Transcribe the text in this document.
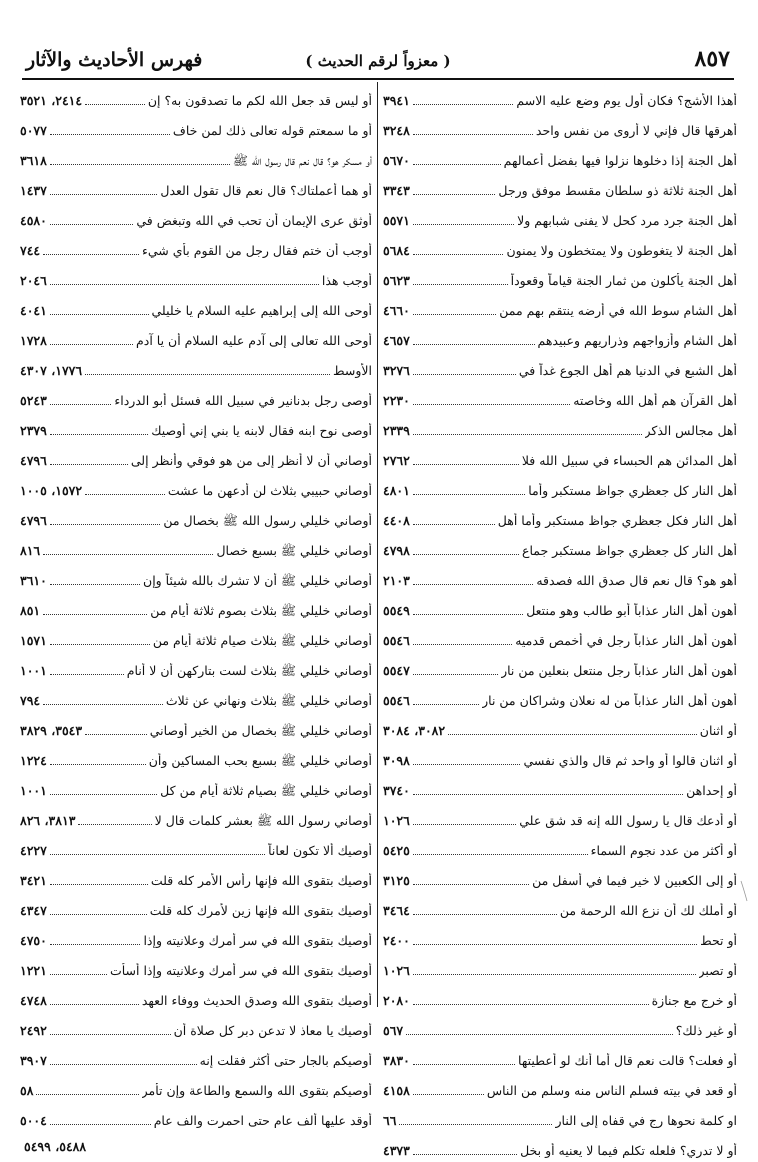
٨٥٧
( معزواً لرقم الحديث )
فهرس الأحاديث والآثار
أهذا الأشج؟ فكان أول يوم وضع عليه الاسم
٣٩٤١
أهرقها قال فإني لا أروى من نفس واحد
٣٢٤٨
أهل الجنة إذا دخلوها نزلوا فيها بفضل أعمالهم
٥٦٧٠
أهل الجنة ثلاثة ذو سلطان مقسط موفق ورجل
٣٣٤٣
أهل الجنة جرد مرد كحل لا يفنى شبابهم ولا
٥٥٧١
أهل الجنة لا يتغوطون ولا يمتخطون ولا يمنون
٥٦٨٤
أهل الجنة يأكلون من ثمار الجنة قياماً وقعوداً
٥٦٢٣
أهل الشام سوط الله في أرضه ينتقم بهم ممن
٤٦٦٠
أهل الشام وأزواجهم وذراريهم وعبيدهم
٤٦٥٧
أهل الشبع في الدنيا هم أهل الجوع غداً في
٣٢٧٦
أهل القرآن هم أهل الله وخاصته
٢٢٣٠
أهل مجالس الذكر
٢٣٣٩
أهل المدائن هم الحبساء في سبيل الله فلا
٢٧٦٢
أهل النار كل جعظري جواظ مستكبر وأما
٤٨٠١
أهل النار فكل جعظري جواظ مستكبر وأما أهل
٤٤٠٨
أهل النار كل جعظري جواظ مستكبر جماع
٤٧٩٨
أهو هو؟ قال نعم قال صدق الله فصدقه
٢١٠٣
أهون أهل النار عذاباً أبو طالب وهو منتعل
٥٥٤٩
أهون أهل النار عذاباً رجل في أخمص قدميه
٥٥٤٦
أهون أهل النار عذاباً رجل منتعل بنعلين من نار
٥٥٤٧
أهون أهل النار عذاباً من له نعلان وشراكان من نار
٥٥٤٦
أو اثنان
٣٠٨٢، ٣٠٨٤
أو اثنان قالوا أو واحد ثم قال والذي نفسي
٣٠٩٨
أو إحداهن
٣٧٤٠
أو أدعك قال يا رسول الله إنه قد شق علي
١٠٢٦
أو أكثر من عدد نجوم السماء
٥٤٢٥
أو إلى الكعبين لا خير فيما في أسفل من
٣١٢٥
أو أملك لك أن نزع الله الرحمة من
٣٤٦٤
أو تحط
٢٤٠٠
أو تصبر
١٠٢٦
أو خرج مع جنازة
٢٠٨٠
أو غير ذلك؟
٥٦٧
أو فعلت؟ قالت نعم قال أما أنك لو أعطيتها
٣٨٣٠
أو قعد في بيته فسلم الناس منه وسلم من الناس
٤١٥٨
او كلمة نحوها رج في قفاه إلى النار
٦٦
أو لا تدري؟ فلعله تكلم فيما لا يعنيه أو بخل
٤٣٧٣
أو ليس قد جعل الله لكم ما تصدقون به؟ إن
٢٤١٤، ٣٥٢١
أو ما سمعتم قوله تعالى ذلك لمن خاف
٥٠٧٧
أو مسكر هو؟ قال نعم قال رسول الله ﷺ
٣٦١٨
أو هما أعملتاك؟ قال نعم قال تقول العدل
١٤٣٧
أوثق عرى الإيمان أن تحب في الله وتبغض في
٤٥٨٠
أوجب أن ختم فقال رجل من القوم بأي شيء
٧٤٤
أوجب هذا
٢٠٤٦
أوحى الله إلى إبراهيم عليه السلام يا خليلي
٤٠٤١
أوحى الله تعالى إلى آدم عليه السلام أن يا آدم
١٧٢٨
الأوسط
١٧٧٦، ٤٣٠٧
أوصى رجل بدنانير في سبيل الله فسئل أبو الدرداء
٥٢٤٣
أوصى نوح ابنه فقال لابنه يا بني إني أوصيك
٢٣٧٩
أوصاني أن لا أنظر إلى من هو فوقي وأنظر إلى
٤٧٩٦
أوصاني حبيبي بثلاث لن أدعهن ما عشت
١٥٧٢، ١٠٠٥
أوصاني خليلي رسول الله ﷺ بخصال من
٤٧٩٦
أوصاني خليلي ﷺ بسبع خصال
٨١٦
أوصاني خليلي ﷺ أن لا تشرك بالله شيئاً وإن
٣٦١٠
أوصاني خليلي ﷺ بثلاث بصوم ثلاثة أيام من
٨٥١
أوصاني خليلي ﷺ بثلاث صيام ثلاثة أيام من
١٥٧١
أوصاني خليلي ﷺ بثلاث لست بتاركهن أن لا أنام
١٠٠١
أوصاني خليلي ﷺ بثلاث ونهاني عن ثلاث
٧٩٤
أوصاني خليلي ﷺ بخصال من الخير أوصاني
٣٥٤٣، ٣٨٢٩
أوصاني خليلي ﷺ بسبع بحب المساكين وأن
١٢٢٤
أوصاني خليلي ﷺ بصيام ثلاثة أيام من كل
١٠٠١
أوصاني رسول الله ﷺ بعشر كلمات قال لا
٣٨١٣، ٨٢٦
أوصيك ألا تكون لعاناً
٤٢٢٧
أوصيك بتقوى الله فإنها رأس الأمر كله قلت
٣٤٢١
أوصيك بتقوى الله فإنها زين لأمرك كله قلت
٤٣٤٧
أوصيك بتقوى الله في سر أمرك وعلانيته وإذا
٤٧٥٠
أوصيك بتقوى الله في سر أمرك وعلانيته وإذا أسأت
١٢٢١
أوصيك بتقوى الله وصدق الحديث ووفاء العهد
٤٧٤٨
أوصيك يا معاذ لا تدعن دبر كل صلاة أن
٢٤٩٢
أوصيكم بالجار حتى أكثر فقلت إنه
٣٩٠٧
أوصيكم بتقوى الله والسمع والطاعة وإن تأمر
٥٨
أوقد عليها ألف عام حتى احمرت والف عام
٥٠٠٤
٥٤٨٨، ٥٤٩٩
